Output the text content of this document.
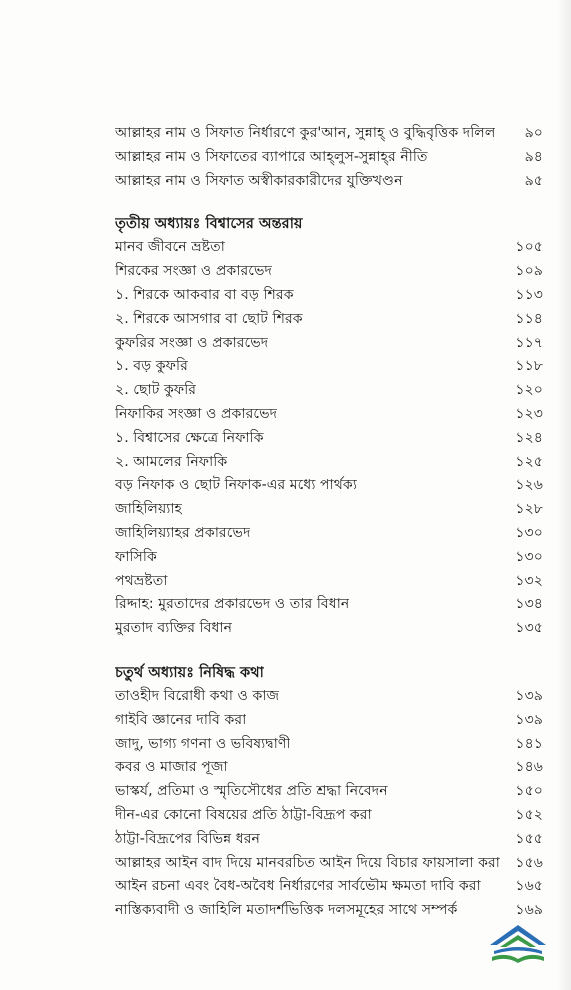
আল্লাহর নাম ও সিফাত নির্ধারণে কুর'আন, সুন্নাহ্‌ ও বুদ্ধিবৃত্তিক দলিল ৯০
আল্লাহর নাম ও সিফাতের ব্যাপারে আহ্‌লুস-সুন্নাহ্‌র নীতি	৯৪
আল্লাহর নাম ও সিফাত অস্বীকারকারীদের যুক্তিখণ্ডন	৯৫
তৃতীয় অধ্যায়ঃ বিশ্বাসের অন্তরায়
মানব জীবনে ভ্রষ্টতা	১০৫
শিরকের সংজ্ঞা ও প্রকারভেদ	১০৯
১. শিরকে আকবার বা বড় শিরক	১১৩
২. শিরকে আসগার বা ছোট শিরক	১১৪
কুফরির সংজ্ঞা ও প্রকারভেদ	১১৭
১. বড় কুফরি	১১৮
২. ছোট কুফরি	১২০
নিফাকির সংজ্ঞা ও প্রকারভেদ	১২৩
১. বিশ্বাসের ক্ষেত্রে নিফাকি	১২৪
২. আমলের নিফাকি	১২৫
বড় নিফাক ও ছোট নিফাক-এর মধ্যে পার্থক্য	১২৬
জাহিলিয়্যাহ	১২৮
জাহিলিয়্যাহর প্রকারভেদ	১৩০
ফাসিকি	১৩০
পথভ্রষ্টতা	১৩২
রিদ্দাহ: মুরতাদের প্রকারভেদ ও তার বিধান	১৩৪
মুরতাদ ব্যক্তির বিধান	১৩৫
চতুর্থ অধ্যায়ঃ নিষিদ্ধ কথা
তাওহীদ বিরোধী কথা ও কাজ	১৩৯
গাইবি জ্ঞানের দাবি করা	১৩৯
জাদু, ভাগ্য গণনা ও ভবিষ্যদ্বাণী	১৪১
কবর ও মাজার পূজা	১৪৬
ভাস্কর্য, প্রতিমা ও স্মৃতিসৌধের প্রতি শ্রদ্ধা নিবেদন	১৫০
দীন-এর কোনো বিষয়ের প্রতি ঠাট্টা-বিদ্রূপ করা	১৫২
ঠাট্টা-বিদ্রূপের বিভিন্ন ধরন	১৫৫
আল্লাহর আইন বাদ দিয়ে মানবরচিত আইন দিয়ে বিচার ফায়সালা করা ১৫৬
আইন রচনা এবং বৈধ-অবৈধ নির্ধারণের সার্বভৌম ক্ষমতা দাবি করা ১৬৫
নাস্তিক্যবাদী ও জাহিলি মতাদর্শভিত্তিক দলসমূহের সাথে সম্পর্ক	১৬৯
